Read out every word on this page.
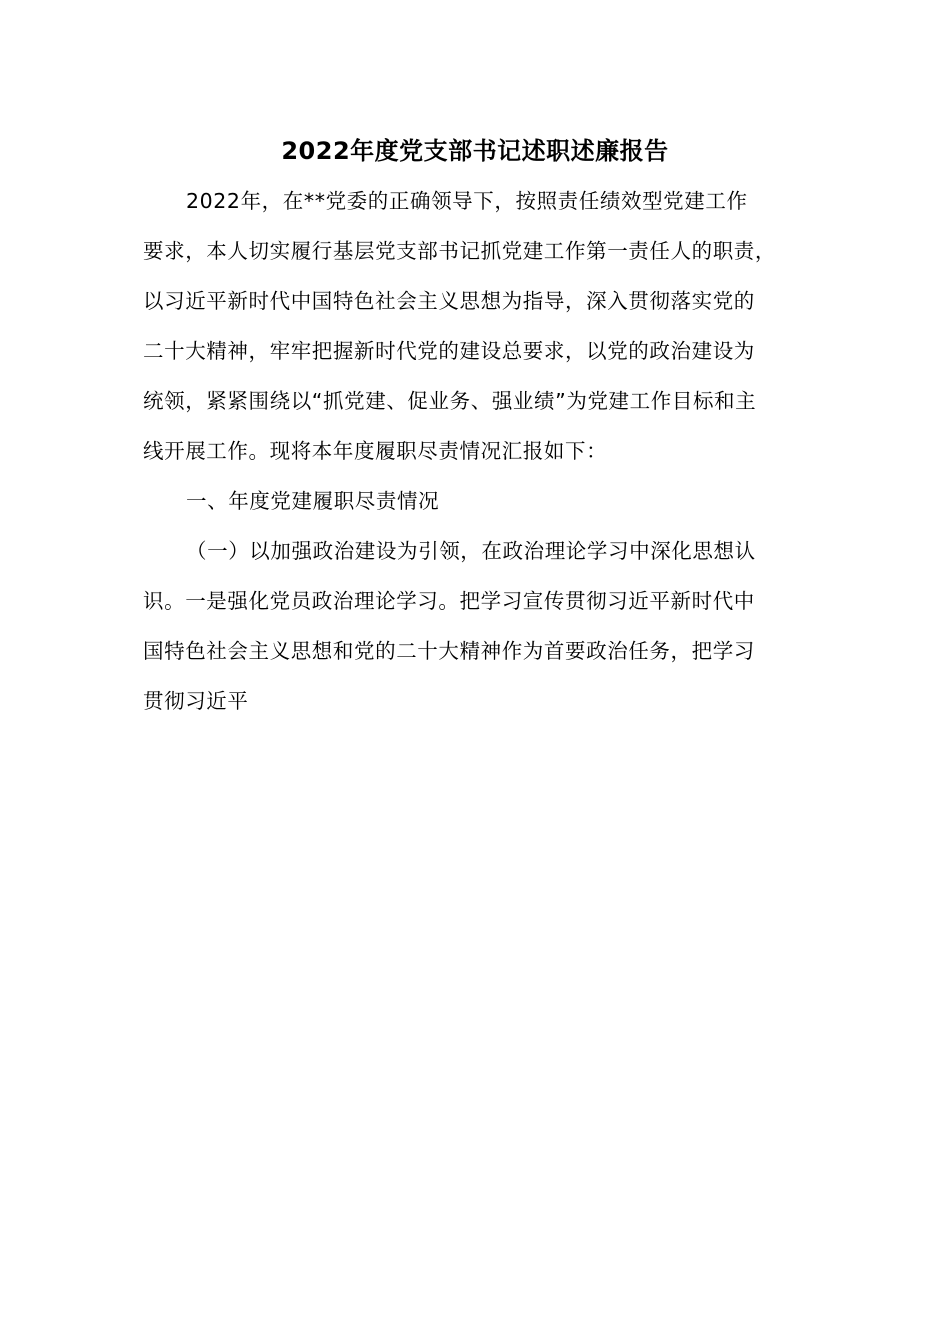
2022年度党支部书记述职述廉报告
2022年，在**党委的正确领导下，按照责任绩效型党建工作
要求，本人切实履行基层党支部书记抓党建工作第一责任人的职责，
以习近平新时代中国特色社会主义思想为指导，深入贯彻落实党的
二十大精神，牢牢把握新时代党的建设总要求，以党的政治建设为
统领，紧紧围绕以“抓党建、促业务、强业绩”为党建工作目标和主
线开展工作。现将本年度履职尽责情况汇报如下：
一、年度党建履职尽责情况
（一）以加强政治建设为引领，在政治理论学习中深化思想认
识。一是强化党员政治理论学习。把学习宣传贯彻习近平新时代中
国特色社会主义思想和党的二十大精神作为首要政治任务，把学习
贯彻习近平
